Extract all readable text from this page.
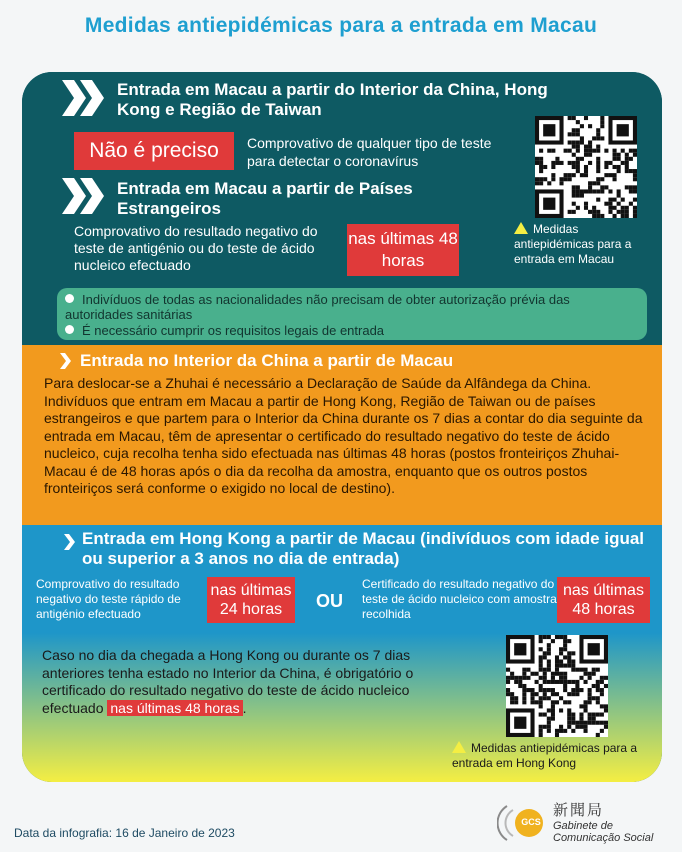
Medidas antiepidémicas para a entrada em Macau
Entrada em Macau a partir do Interior da China, Hong Kong e Região de Taiwan
Não é preciso	Comprovativo de qualquer tipo de teste para detectar o coronavírus
Entrada em Macau a partir de Países Estrangeiros
Comprovativo do resultado negativo do teste de antigénio ou do teste de ácido nucleico efectuado
nas últimas 48 horas
Medidas antiepidémicas para a entrada em Macau
Indivíduos de todas as nacionalidades não precisam de obter autorização prévia das autoridades sanitárias
É necessário cumprir os requisitos legais de entrada
Entrada no Interior da China a partir de Macau
Para deslocar-se a Zhuhai é necessário a Declaração de Saúde da Alfândega da China. Indivíduos que entram em Macau a partir de Hong Kong, Região de Taiwan ou de países estrangeiros e que partem para o Interior da China durante os 7 dias a contar do dia seguinte da entrada em Macau, têm de apresentar o certificado do resultado negativo do teste de ácido nucleico, cuja recolha tenha sido efectuada nas últimas 48 horas (postos fronteiriços Zhuhai-Macau é de 48 horas após o dia da recolha da amostra, enquanto que os outros postos fronteiriços será conforme o exigido no local de destino).
Entrada em Hong Kong a partir de Macau (indivíduos com idade igual ou superior a 3 anos no dia de entrada)
Comprovativo do resultado negativo do teste rápido de antigénio efectuado
nas últimas 24 horas	OU
Certificado do resultado negativo do teste de ácido nucleico com amostra recolhida
nas últimas 48 horas
Caso no dia da chegada a Hong Kong ou durante os 7 dias anteriores tenha estado no Interior da China, é obrigatório o certificado do resultado negativo do teste de ácido nucleico efectuado nas últimas 48 horas .
Medidas antiepidémicas para a entrada em Hong Kong
Data da infografia: 16 de Janeiro de 2023
GCS
新聞局
Gabinete de
Comunicação Social
